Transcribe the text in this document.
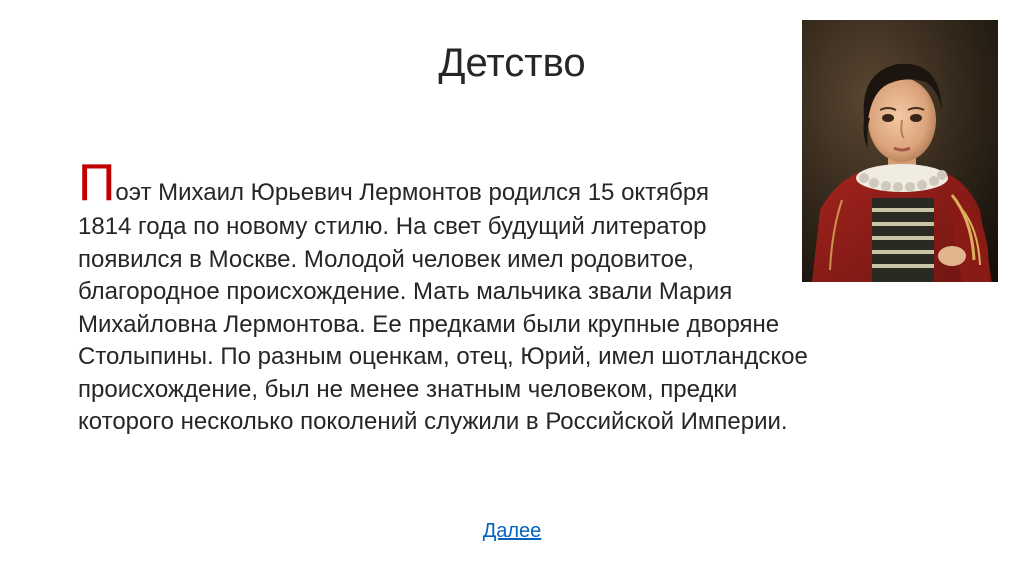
Детство
Поэт Михаил Юрьевич Лермонтов родился 15 октября
1814 года по новому стилю. На свет будущий литератор
появился в Москве. Молодой человек имел родовитое,
благородное происхождение. Мать мальчика звали Мария
Михайловна Лермонтова. Ее предками были крупные дворяне
Столыпины. По разным оценкам, отец, Юрий, имел шотландское
происхождение, был не менее знатным человеком, предки
которого несколько поколений служили в Российской Империи.
Далее
